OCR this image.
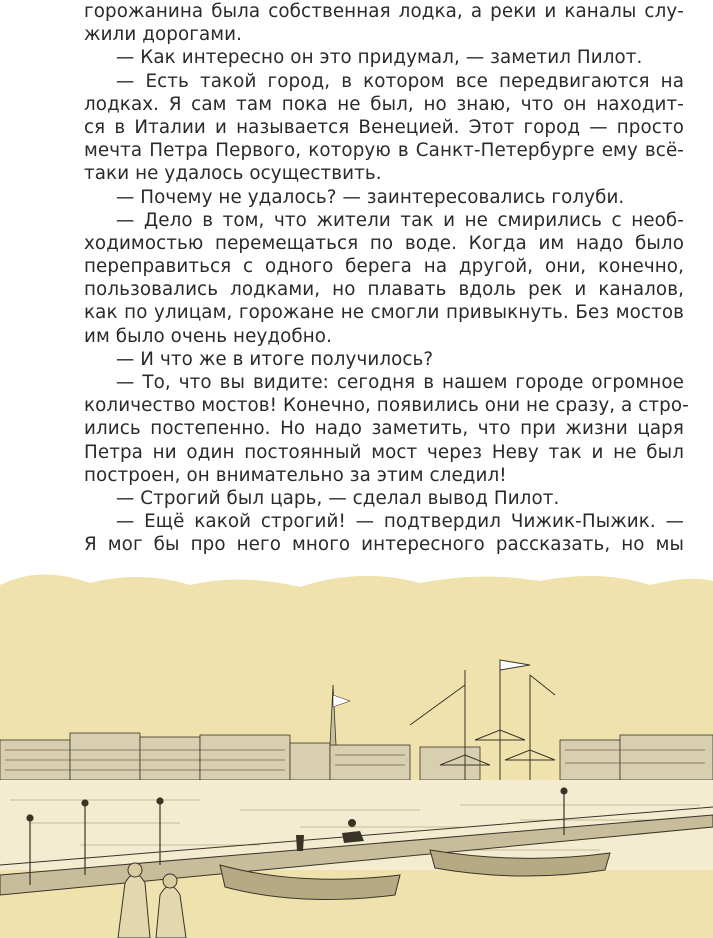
горожанина была собственная лодка, а реки и каналы слу-
жили дорогами.
— Как интересно он это придумал, — заметил Пилот.
— Есть такой город, в котором все передвигаются на
лодках. Я сам там пока не был, но знаю, что он находит-
ся в Италии и называется Венецией. Этот город — просто
мечта Петра Первого, которую в Санкт-Петербурге ему всё-
таки не удалось осуществить.
— Почему не удалось? — заинтересовались голуби.
— Дело в том, что жители так и не смирились с необ-
ходимостью перемещаться по воде. Когда им надо было
переправиться с одного берега на другой, они, конечно,
пользовались лодками, но плавать вдоль рек и каналов,
как по улицам, горожане не смогли привыкнуть. Без мостов
им было очень неудобно.
— И что же в итоге получилось?
— То, что вы видите: сегодня в нашем городе огромное
количество мостов! Конечно, появились они не сразу, а стро-
ились постепенно. Но надо заметить, что при жизни царя
Петра ни один постоянный мост через Неву так и не был
построен, он внимательно за этим следил!
— Строгий был царь, — сделал вывод Пилот.
— Ещё какой строгий! — подтвердил Чижик-Пыжик. —
Я мог бы про него много интересного рассказать, но мы
